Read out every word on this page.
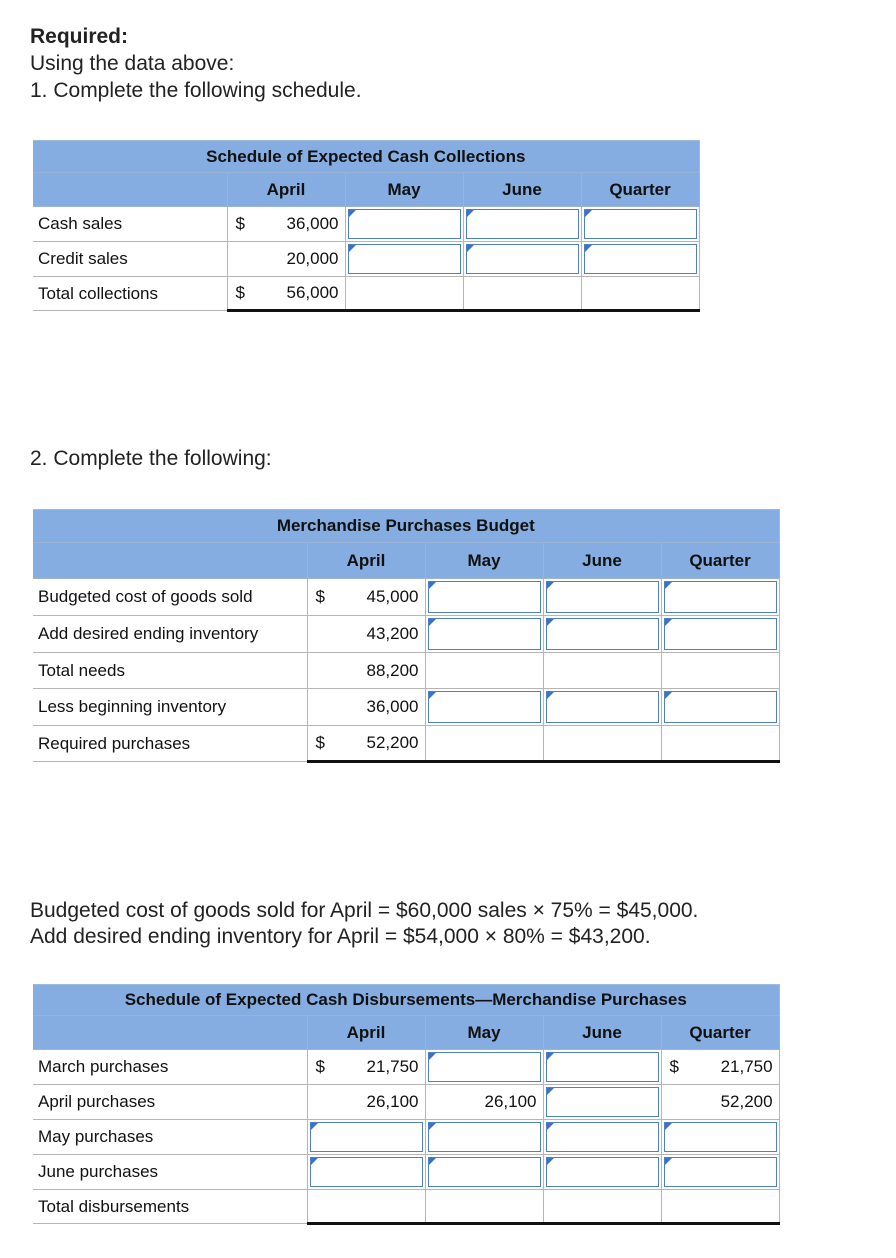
Required:
Using the data above:
1. Complete the following schedule.
Schedule of Expected Cash Collections				
	April	May	June	Quarter
Cash sales	$ 36,000			

Credit sales	20,000			

Total collections	$ 56,000			

2. Complete the following:
Merchandise Purchases Budget				
	April	May	June	Quarter
Budgeted cost of goods sold	$ 45,000			

Add desired ending inventory	43,200			

Total needs	88,200			

Less beginning inventory	36,000			

Required purchases	$ 52,200			

Budgeted cost of goods sold for April = $60,000 sales × 75% = $45,000.
Add desired ending inventory for April = $54,000 × 80% = $43,200.
Schedule of Expected Cash Disbursements—Merchandise Purchases				
	April	May	June	Quarter
March purchases	$ 21,750			$ 21,750

April purchases	26,100	26,100		52,200

May purchases	

June purchases	

Total disbursements				
